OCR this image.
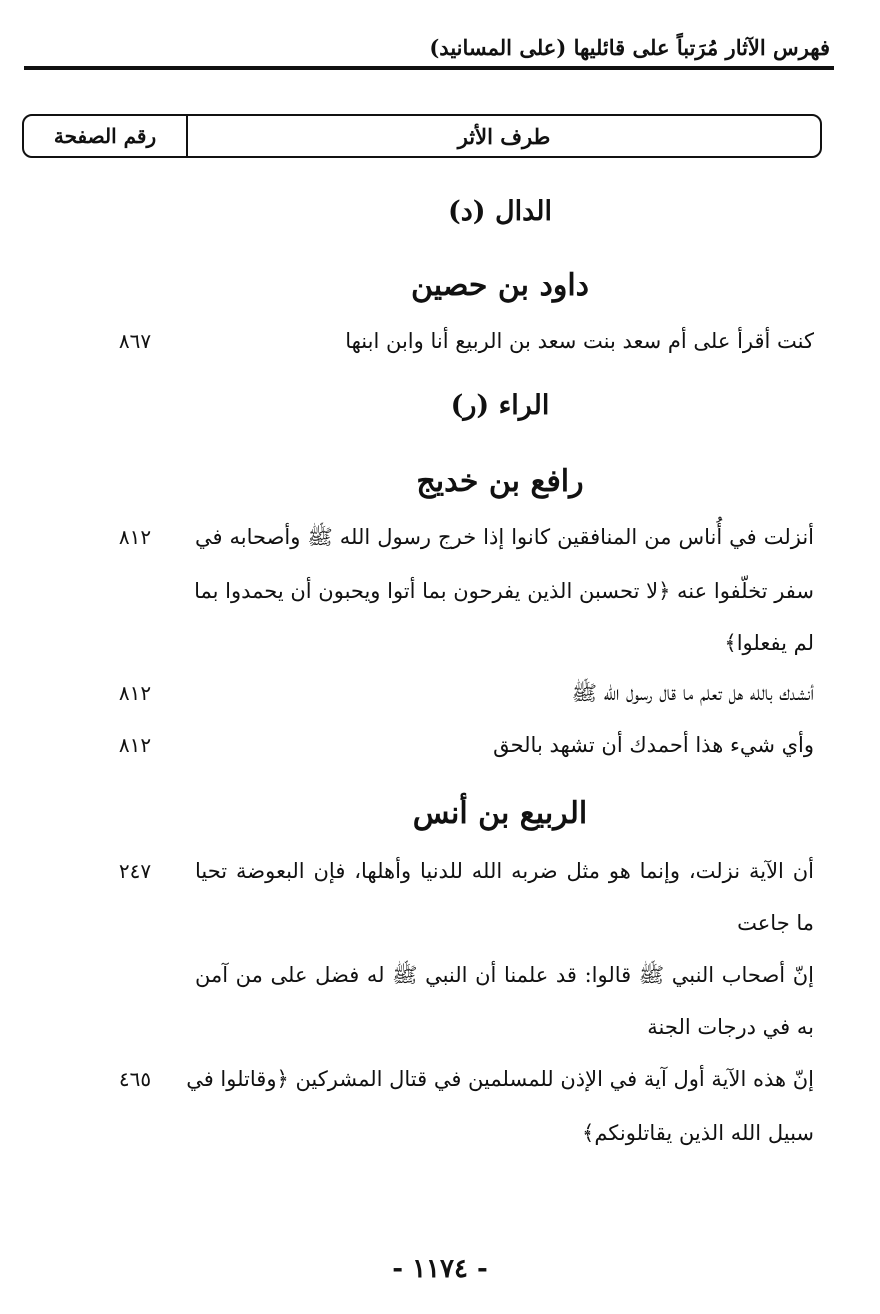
فهرس الآثار مُرَتباً على قائليها (على المسانيد)
طرف الأثر
رقم الصفحة
الدال (د)
داود بن حصين
كنت أقرأ على أم سعد بنت سعد بن الربيع أنا وابن ابنها
٨٦٧
الراء (ر)
رافع بن خديج
أنزلت في أُناس من المنافقين كانوا إذا خرج رسول الله ﷺ وأصحابه في
٨١٢
سفر تخلّفوا عنه ﴿لا تحسبن الذين يفرحون بما أتوا ويحبون أن يحمدوا بما
لم يفعلوا﴾
أنشدك بالله هل تعلم ما قال رسول الله ﷺ
٨١٢
وأي شيء هذا أحمدك أن تشهد بالحق
٨١٢
الربيع بن أنس
أن الآية نزلت، وإنما هو مثل ضربه الله للدنيا وأهلها، فإن البعوضة تحيا
٢٤٧
ما جاعت
إنّ أصحاب النبي ﷺ قالوا: قد علمنا أن النبي ﷺ له فضل على من آمن
به في درجات الجنة
إنّ هذه الآية أول آية في الإذن للمسلمين في قتال المشركين ﴿وقاتلوا في
٤٦٥
سبيل الله الذين يقاتلونكم﴾
- ١١٧٤ -
